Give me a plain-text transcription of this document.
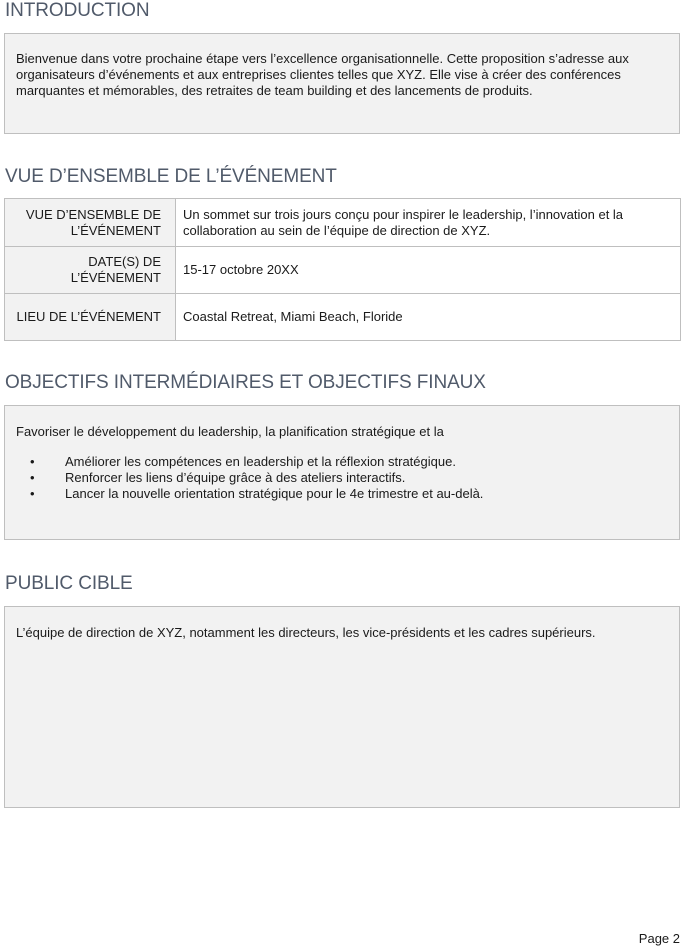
INTRODUCTION

Bienvenue dans votre prochaine étape vers l’excellence organisationnelle. Cette proposition s’adresse aux organisateurs d’événements et aux entreprises clientes telles que XYZ. Elle vise à créer des conférences marquantes et mémorables, des retraites de team building et des lancements de produits.

VUE D’ENSEMBLE DE L’ÉVÉNEMENT
VUE D’ENSEMBLE DE L’ÉVÉNEMENT	Un sommet sur trois jours conçu pour inspirer le leadership, l’innovation et la collaboration au sein de l’équipe de direction de XYZ.
DATE(S) DE L’ÉVÉNEMENT	15-17 octobre 20XX
LIEU DE L’ÉVÉNEMENT	Coastal Retreat, Miami Beach, Floride
OBJECTIFS INTERMÉDIAIRES ET OBJECTIFS FINAUX

Favoriser le développement du leadership, la planification stratégique et la

• Améliorer les compétences en leadership et la réflexion stratégique.
• Renforcer les liens d’équipe grâce à des ateliers interactifs.
• Lancer la nouvelle orientation stratégique pour le 4e trimestre et au-delà.
PUBLIC CIBLE

L’équipe de direction de XYZ, notamment les directeurs, les vice-présidents et les cadres supérieurs.

Page 2
